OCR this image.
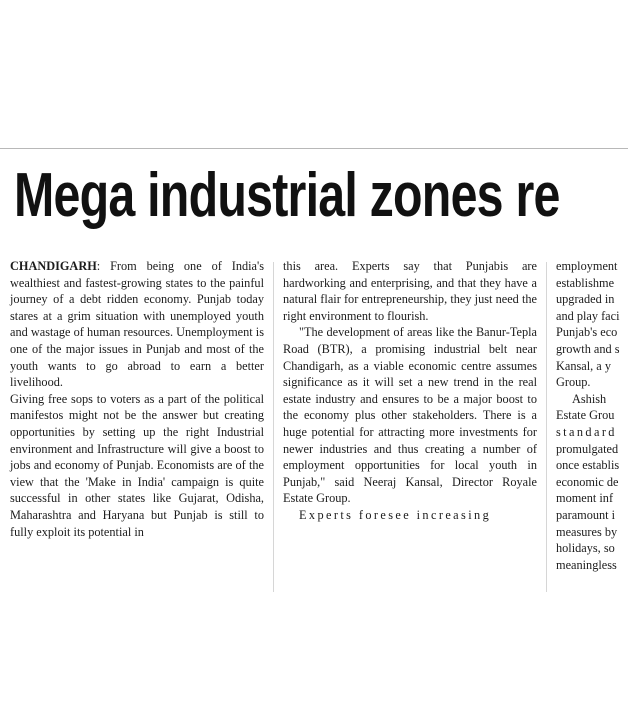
Mega industrial zones re

CHANDIGARH: From being one of India's wealthiest and fastest-growing states to the painful journey of a debt ridden economy. Punjab today stares at a grim situation with unemployed youth and wastage of human resources. Unemployment is one of the major issues in Punjab and most of the youth wants to go abroad to earn a better livelihood.

Giving free sops to voters as a part of the political manifestos might not be the answer but creating opportunities by setting up the right Industrial environment and Infrastructure will give a boost to jobs and economy of Punjab. Economists are of the view that the 'Make in India' campaign is quite successful in other states like Gujarat, Odisha, Maharashtra and Haryana but Punjab is still to fully exploit its potential in

this area. Experts say that Punjabis are hardworking and enterprising, and that they have a natural flair for entrepreneurship, they just need the right environment to flourish.

"The development of areas like the Banur-Tepla Road (BTR), a promising industrial belt near Chandigarh, as a viable economic centre assumes significance as it will set a new trend in the real estate industry and ensures to be a major boost to the economy plus other stakeholders. There is a huge potential for attracting more investments for newer industries and thus creating a number of employment opportunities for local youth in Punjab," said Neeraj Kansal, Director Royale Estate Group.

Experts foresee increasing

employment
establishme
upgraded in
and play faci
Punjab's eco
growth and s
Kansal, a y
Group.
Ashish
Estate Grou
standard
promulgated
once establis
economic de
moment inf
paramount i
measures by
holidays, so
meaningless
